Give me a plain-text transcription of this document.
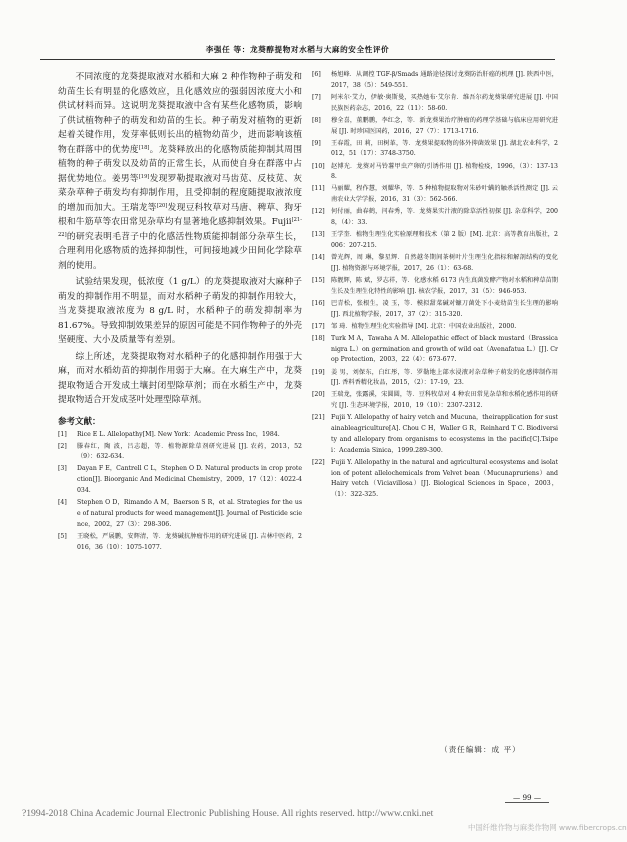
李强任 等：龙葵醇提物对水稻与大麻的安全性评价

不同浓度的龙葵提取液对水稻和大麻 2 种作物种子萌发和幼苗生长有明显的化感效应，且化感效应的强弱因浓度大小和供试材料而异。这说明龙葵提取液中含有某些化感物质，影响了供试植物种子的萌发和幼苗的生长。种子萌发对植物的更新起着关键作用，发芽率低则长出的植物幼苗少，进而影响该植物在群落中的优势度[18]。龙葵释放出的化感物质能抑制其周围植物的种子萌发以及幼苗的正常生长，从而使自身在群落中占据优势地位。姜男等[19]发现罗勒提取液对马齿苋、反枝苋、灰菜杂草种子萌发均有抑制作用，且受抑制的程度随提取液浓度的增加而加大。王瑞龙等[20]发现豆科牧草对马唐、稗草、狗牙根和牛筋草等农田常见杂草均有显著地化感抑制效果。Fujii[21-22]的研究表明毛苕子中的化感活性物质能抑制部分杂草生长，合理利用化感物质的选择抑制性，可间接地减少田间化学除草剂的使用。

试验结果发现，低浓度（1 g/L）的龙葵提取液对大麻种子萌发的抑制作用不明显，而对水稻种子萌发的抑制作用较大，当龙葵提取液浓度为 8 g/L 时，水稻种子的萌发抑制率为 81.67%。导致抑制效果差异的原因可能是不同作物种子的外壳坚硬度、大小及质量等有差别。

综上所述，龙葵提取物对水稻种子的化感抑制作用强于大麻，而对水稻幼苗的抑制作用弱于大麻。在大麻生产中，龙葵提取物适合开发成土壤封闭型除草剂；而在水稻生产中，龙葵提取物适合开发成茎叶处理型除草剂。

参考文献：
[1]	Rice E L. Allelopathy[M]. New York：Academic Press Inc，1984.
[2]	滕春红，陶 波，吕志超，等．植物源除草剂研究进展 [J]. 农药，2013，52（9）：632-634.
[3]	Dayan F E，Cantrell C L，Stephen O D. Natural products in crop protection[J]. Bioorganic And Medicinal Chemistry，2009，17（12）：4022-4034.
[4]	Stephen O D，Rimando A M，Baerson S R，et al. Strategies for the use of natural products for weed management[J]. Journal of Pesticide science，2002，27（3）：298-306.
[5]	王晓松，严展鹏，安辉清，等．龙葵碱抗肿瘤作用的研究进展 [J]. 吉林中医药，2016，36（10）：1075-1077.
[6]	杨旭峰．从调控 TGF-β/Smads 通路途径探讨龙葵防治肝癌的机理 [J]. 陕西中医，2017，38（5）：549-551.
[7]	阿米尔·艾力，伊敏·奥斯曼，买热她布·艾尔肯．维吾尔药龙葵果研究进展 [J]. 中国民族医药杂志，2016，22（11）：58-60.
[8]	穆全喜，董鹏鹏，李红念，等．新龙葵果治疗肿瘤的药理学基础与临床应用研究进展 [J]. 时珍国医国药，2016，27（7）：1713-1716.
[9]	王春霞，田 莉，田树革，等．龙葵果提取物的体外抑菌效果 [J]. 湖北农业科学，2012，51（17）：3748-3750.
[10]	赵博光．龙葵对马铃薯甲虫产卵的引诱作用 [J]. 植物检疫，1996，（3）：137-138.
[11]	马丽耀，程作慧，刘耀华，等．5 种植物提取物对朱砂叶螨的触杀活性测定 [J]. 云南农业大学学报，2016，31（3）：562-566.
[12]	何付丽，曲春鹤，闫春秀，等．龙葵果实汁液的除草活性初探 [J]. 杂草科学，2008，（4）：33.
[13]	王学奎．植物生理生化实验原理和技术（第 2 版）[M]. 北京：高等教育出版社，2006：207-215.
[14]	曾光辉，周 琳，黎星辉．自然越冬期间茶树叶片生理生化指标和解剖结构的变化 [J]. 植物资源与环境学报，2017，26（1）：63-68.
[15]	陈靓辉，陈 斌，罗志祥，等．化感水稻 6173 内生真菌发酵产物对水稻和稗草苗期生长及生理生化特性的影响 [J]. 核农学报，2017，31（5）：946-953.
[16]	巴青松，张根生，凌 玉，等．模拟甜菜碱对镰刀菌处下小麦幼苗生长生理的影响 [J]. 西北植物学报，2017，37（2）：315-320.
[17]	邹 琦．植物生理生化实验指导 [M]. 北京：中国农业出版社，2000.
[18]	Turk M A，Tawaha A M. Allelopathic effect of black mustard（Brassica nigra L.）on germination and growth of wild oat（Avenafatua L.）[J]. Crop Protection，2003，22（4）：673-677.
[19]	姜 男，刘保东，白红彤，等．罗勒地上部水浸液对杂草种子萌发的化感抑制作用 [J]. 香料香精化妆品，2015，（2）：17-19，23.
[20]	王瑞龙，张露溪，宋圆圆，等．豆科牧草对 4 种农田常见杂草和水稻化感作用的研究 [J]. 生态环境学报，2010，19（10）：2307-2312.
[21]	Fujii Y. Allelopathy of hairy vetch and Mucuna，theirapplication for sustainableagriculture[A]. Chou C H，Waller G R，Reinhard T C. Biodiversity and allelopary from organisms to ecosystems in the pacific[C].Tsipei：Academia Sinica，1999.289-300.
[22]	Fujii Y. Allelopathy in the natural and agricultural ecosystems and isolation of potent allelochemicals from Velvet bean（Mucunapruriens）and Hairy vetch（Viciavillosa）[J]. Biological Sciences in Space，2003，（1）：322-325.
（责任编辑：成 平）
— 99 —
?1994-2018 China Academic Journal Electronic Publishing House. All rights reserved. http://www.cnki.net
中国纤维作物与麻类作物网 www.fibercrops.cn
